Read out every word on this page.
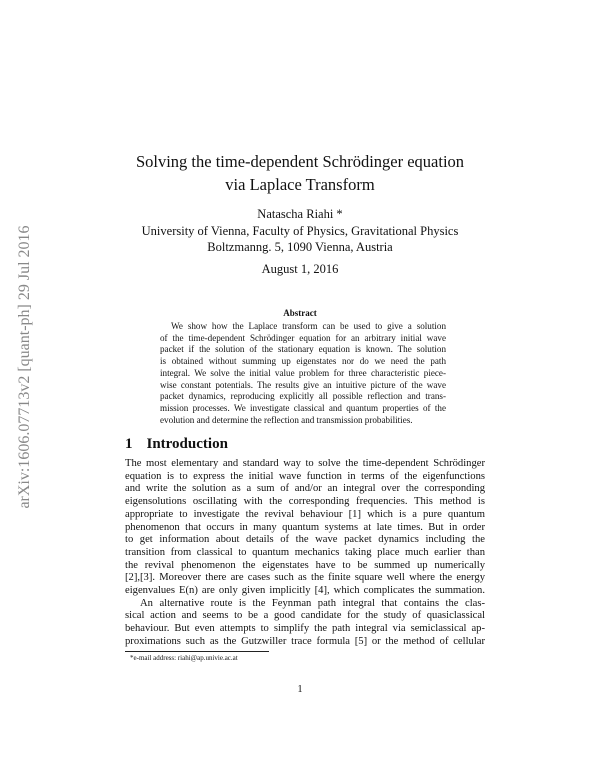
arXiv:1606.07713v2 [quant-ph] 29 Jul 2016
Solving the time-dependent Schrödinger equation
via Laplace Transform
Natascha Riahi *
University of Vienna, Faculty of Physics, Gravitational Physics
Boltzmanng. 5, 1090 Vienna, Austria
August 1, 2016
Abstract
We show how the Laplace transform can be used to give a solution
of the time-dependent Schrödinger equation for an arbitrary initial wave
packet if the solution of the stationary equation is known. The solution
is obtained without summing up eigenstates nor do we need the path
integral. We solve the initial value problem for three characteristic piece-
wise constant potentials. The results give an intuitive picture of the wave
packet dynamics, reproducing explicitly all possible reflection and trans-
mission processes. We investigate classical and quantum properties of the
evolution and determine the reflection and transmission probabilities.
1 Introduction
The most elementary and standard way to solve the time-dependent Schrödinger
equation is to express the initial wave function in terms of the eigenfunctions
and write the solution as a sum of and/or an integral over the corresponding
eigensolutions oscillating with the corresponding frequencies. This method is
appropriate to investigate the revival behaviour [1] which is a pure quantum
phenomenon that occurs in many quantum systems at late times. But in order
to get information about details of the wave packet dynamics including the
transition from classical to quantum mechanics taking place much earlier than
the revival phenomenon the eigenstates have to be summed up numerically
[2],[3]. Moreover there are cases such as the finite square well where the energy
eigenvalues E(n) are only given implicitly [4], which complicates the summation.
An alternative route is the Feynman path integral that contains the clas-
sical action and seems to be a good candidate for the study of quasiclassical
behaviour. But even attempts to simplify the path integral via semiclassical ap-
proximations such as the Gutzwiller trace formula [5] or the method of cellular
*e-mail address: riahi@ap.univie.ac.at
1
